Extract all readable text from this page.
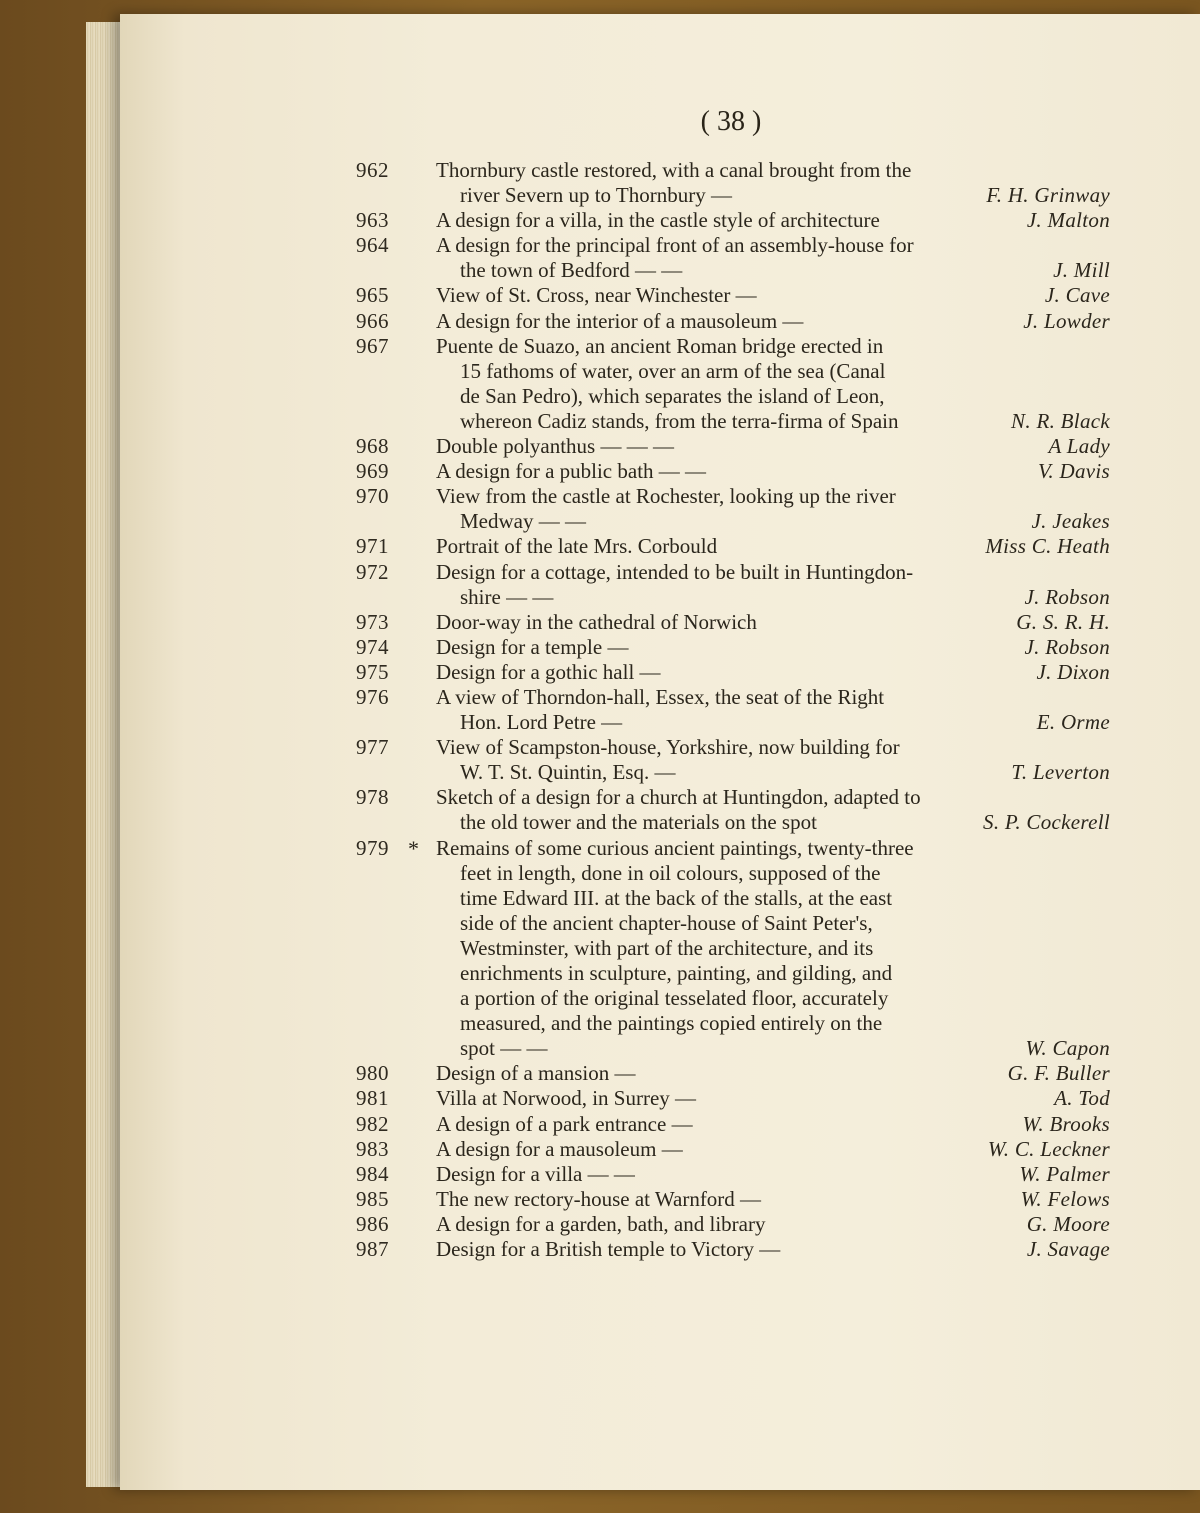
( 38 )
962	Thornbury castle restored, with a canal brought from the
river Severn up to Thornbury —	F. H. Grinway
963	A design for a villa, in the castle style of architecture	J. Malton
964	A design for the principal front of an assembly-house for
the town of Bedford — —	J. Mill
965	View of St. Cross, near Winchester —	J. Cave
966	A design for the interior of a mausoleum —	J. Lowder
967	Puente de Suazo, an ancient Roman bridge erected in
15 fathoms of water, over an arm of the sea (Canal
de San Pedro), which separates the island of Leon,
whereon Cadiz stands, from the terra-firma of Spain	N. R. Black
968	Double polyanthus — — —	A Lady
969	A design for a public bath — —	V. Davis
970	View from the castle at Rochester, looking up the river
Medway — —	J. Jeakes
971	Portrait of the late Mrs. Corbould	Miss C. Heath
972	Design for a cottage, intended to be built in Huntingdon-
shire — —	J. Robson
973	Door-way in the cathedral of Norwich	G. S. R. H.
974	Design for a temple —	J. Robson
975	Design for a gothic hall —	J. Dixon
976	A view of Thorndon-hall, Essex, the seat of the Right
Hon. Lord Petre —	E. Orme
977	View of Scampston-house, Yorkshire, now building for
W. T. St. Quintin, Esq. —	T. Leverton
978	Sketch of a design for a church at Huntingdon, adapted to
the old tower and the materials on the spot	S. P. Cockerell
979 * Remains of some curious ancient paintings, twenty-three
feet in length, done in oil colours, supposed of the
time Edward III. at the back of the stalls, at the east
side of the ancient chapter-house of Saint Peter's,
Westminster, with part of the architecture, and its
enrichments in sculpture, painting, and gilding, and
a portion of the original tesselated floor, accurately
measured, and the paintings copied entirely on the
spot — —	W. Capon
980	Design of a mansion —	G. F. Buller
981	Villa at Norwood, in Surrey —	A. Tod
982	A design of a park entrance —	W. Brooks
983	A design for a mausoleum —	W. C. Leckner
984	Design for a villa — —	W. Palmer
985	The new rectory-house at Warnford —	W. Felows
986	A design for a garden, bath, and library	G. Moore
987	Design for a British temple to Victory —	J. Savage
